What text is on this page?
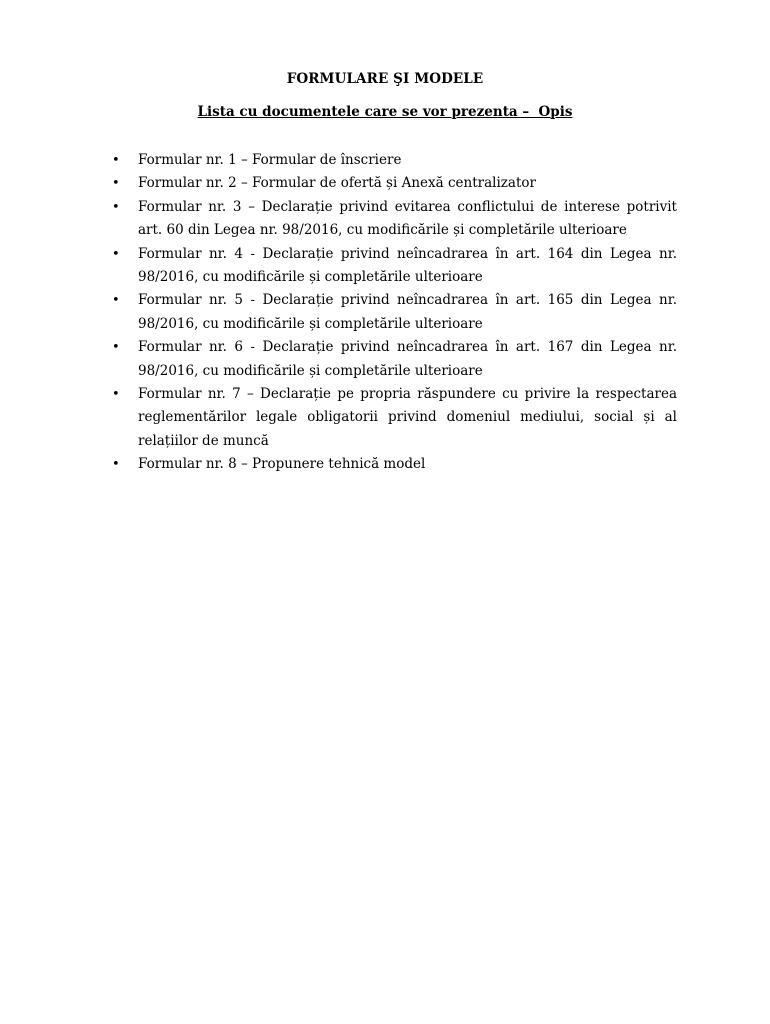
FORMULARE ŞI MODELE
Lista cu documentele care se vor prezenta –  Opis
•	Formular nr. 1 – Formular de înscriere
•	Formular nr. 2 – Formular de ofertă și Anexă centralizator
•	Formular nr. 3 – Declarație privind evitarea conflictului de interese potrivit art. 60 din Legea nr. 98/2016, cu modificările și completările ulterioare
•	Formular nr. 4 - Declarație privind neîncadrarea în art. 164 din Legea nr. 98/2016, cu modificările și completările ulterioare
•	Formular nr. 5 - Declarație privind neîncadrarea în art. 165 din Legea nr. 98/2016, cu modificările și completările ulterioare
•	Formular nr. 6 - Declarație privind neîncadrarea în art. 167 din Legea nr. 98/2016, cu modificările și completările ulterioare
•	Formular nr. 7 – Declarație pe propria răspundere cu privire la respectarea reglementărilor legale obligatorii privind domeniul mediului, social și al relațiilor de muncă
•	Formular nr. 8 – Propunere tehnică model
